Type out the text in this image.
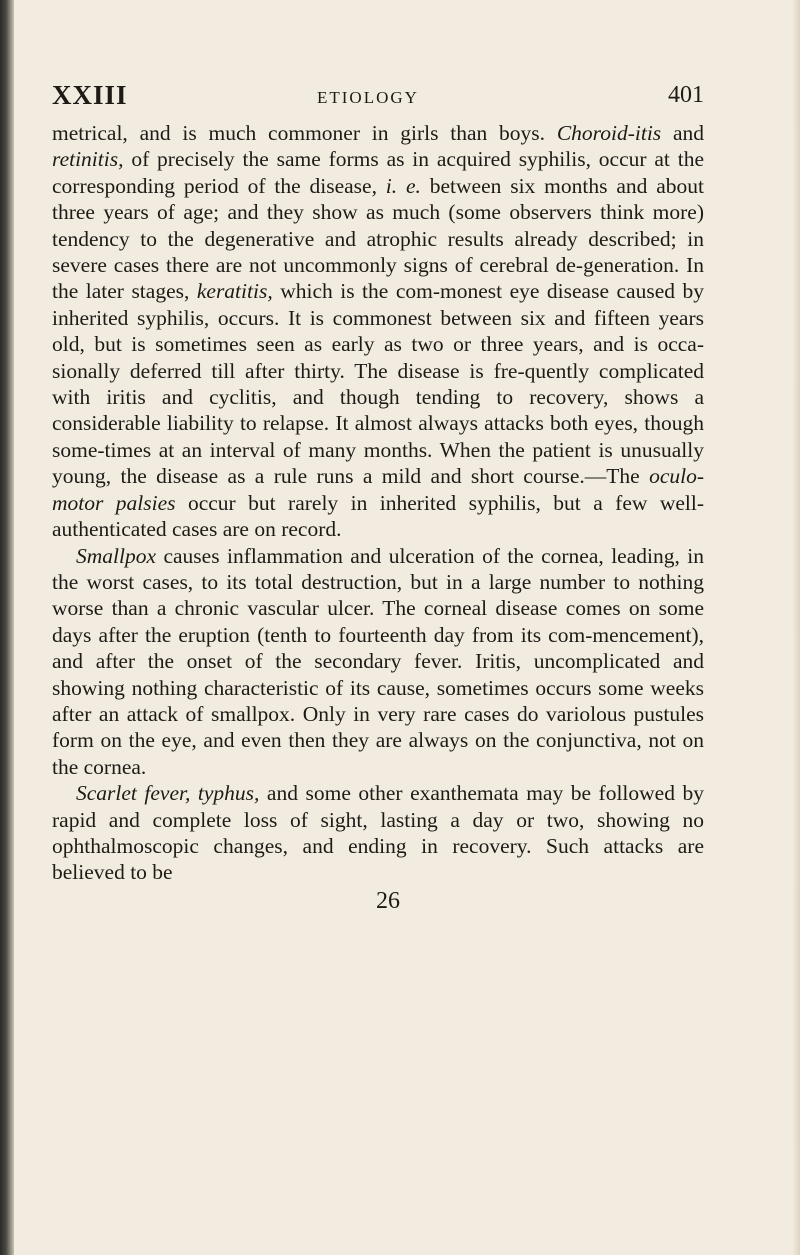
XXIII	ETIOLOGY	401

metrical, and is much commoner in girls than boys. Choroid-itis and retinitis, of precisely the same forms as in acquired syphilis, occur at the corresponding period of the disease, i. e. between six months and about three years of age; and they show as much (some observers think more) tendency to the degenerative and atrophic results already described; in severe cases there are not uncommonly signs of cerebral de-generation. In the later stages, keratitis, which is the com-monest eye disease caused by inherited syphilis, occurs. It is commonest between six and fifteen years old, but is sometimes seen as early as two or three years, and is occa-sionally deferred till after thirty. The disease is fre-quently complicated with iritis and cyclitis, and though tending to recovery, shows a considerable liability to relapse. It almost always attacks both eyes, though some-times at an interval of many months. When the patient is unusually young, the disease as a rule runs a mild and short course.—The oculo-motor palsies occur but rarely in inherited syphilis, but a few well-authenticated cases are on record.

Smallpox causes inflammation and ulceration of the cornea, leading, in the worst cases, to its total destruction, but in a large number to nothing worse than a chronic vascular ulcer. The corneal disease comes on some days after the eruption (tenth to fourteenth day from its com-mencement), and after the onset of the secondary fever. Iritis, uncomplicated and showing nothing characteristic of its cause, sometimes occurs some weeks after an attack of smallpox. Only in very rare cases do variolous pustules form on the eye, and even then they are always on the conjunctiva, not on the cornea.

Scarlet fever, typhus, and some other exanthemata may be followed by rapid and complete loss of sight, lasting a day or two, showing no ophthalmoscopic changes, and ending in recovery. Such attacks are believed to be

26
